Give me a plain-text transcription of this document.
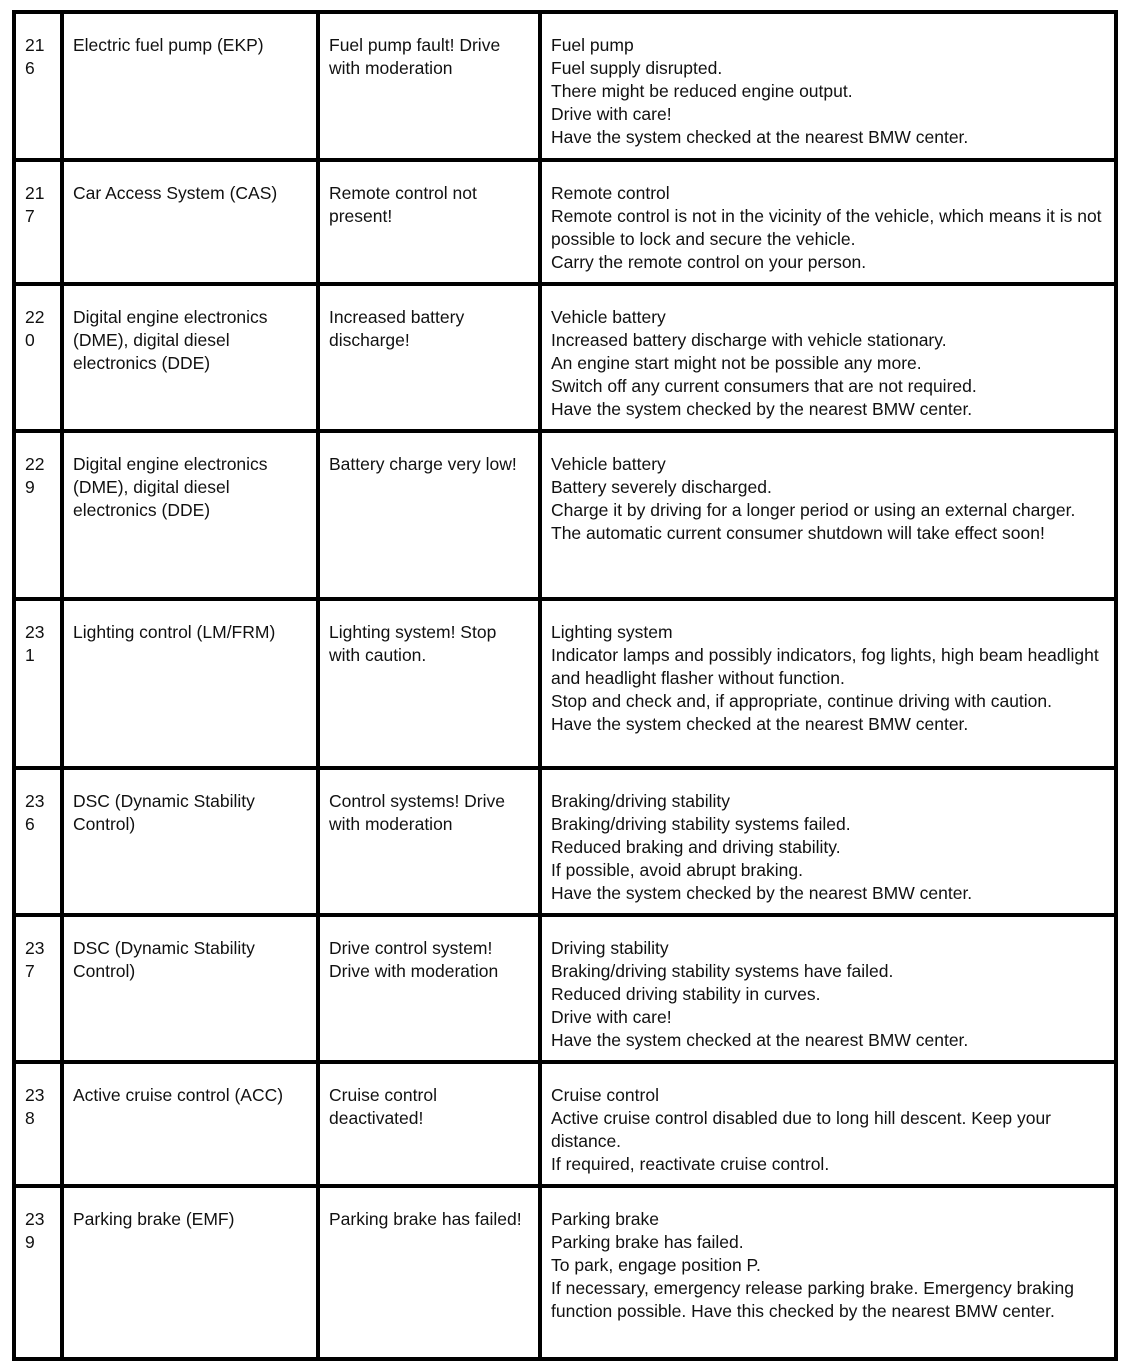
216	Electric fuel pump (EKP)	Fuel pump fault! Drive with moderation	Fuel pump
Fuel supply disrupted.
There might be reduced engine output.
Drive with care!
Have the system checked at the nearest BMW center.

217	Car Access System (CAS)	Remote control not present!	Remote control
Remote control is not in the vicinity of the vehicle, which means it is not possible to lock and secure the vehicle.
Carry the remote control on your person.

220	Digital engine electronics (DME), digital diesel electronics (DDE)	Increased battery discharge!	Vehicle battery
Increased battery discharge with vehicle stationary.
An engine start might not be possible any more.
Switch off any current consumers that are not required.
Have the system checked by the nearest BMW center.

229	Digital engine electronics (DME), digital diesel electronics (DDE)	Battery charge very low!	Vehicle battery
Battery severely discharged.
Charge it by driving for a longer period or using an external charger.
The automatic current consumer shutdown will take effect soon!

231	Lighting control (LM/FRM)	Lighting system! Stop with caution.	Lighting system
Indicator lamps and possibly indicators, fog lights, high beam headlight and headlight flasher without function.
Stop and check and, if appropriate, continue driving with caution.
Have the system checked at the nearest BMW center.

236	DSC (Dynamic Stability Control)	Control systems! Drive with moderation	Braking/driving stability
Braking/driving stability systems failed.
Reduced braking and driving stability.
If possible, avoid abrupt braking.
Have the system checked by the nearest BMW center.

237	DSC (Dynamic Stability Control)	Drive control system! Drive with moderation	Driving stability
Braking/driving stability systems have failed.
Reduced driving stability in curves.
Drive with care!
Have the system checked at the nearest BMW center.

238	Active cruise control (ACC)	Cruise control deactivated!	Cruise control
Active cruise control disabled due to long hill descent. Keep your distance.
If required, reactivate cruise control.

239	Parking brake (EMF)	Parking brake has failed!	Parking brake
Parking brake has failed.
To park, engage position P.
If necessary, emergency release parking brake. Emergency braking function possible. Have this checked by the nearest BMW center.
